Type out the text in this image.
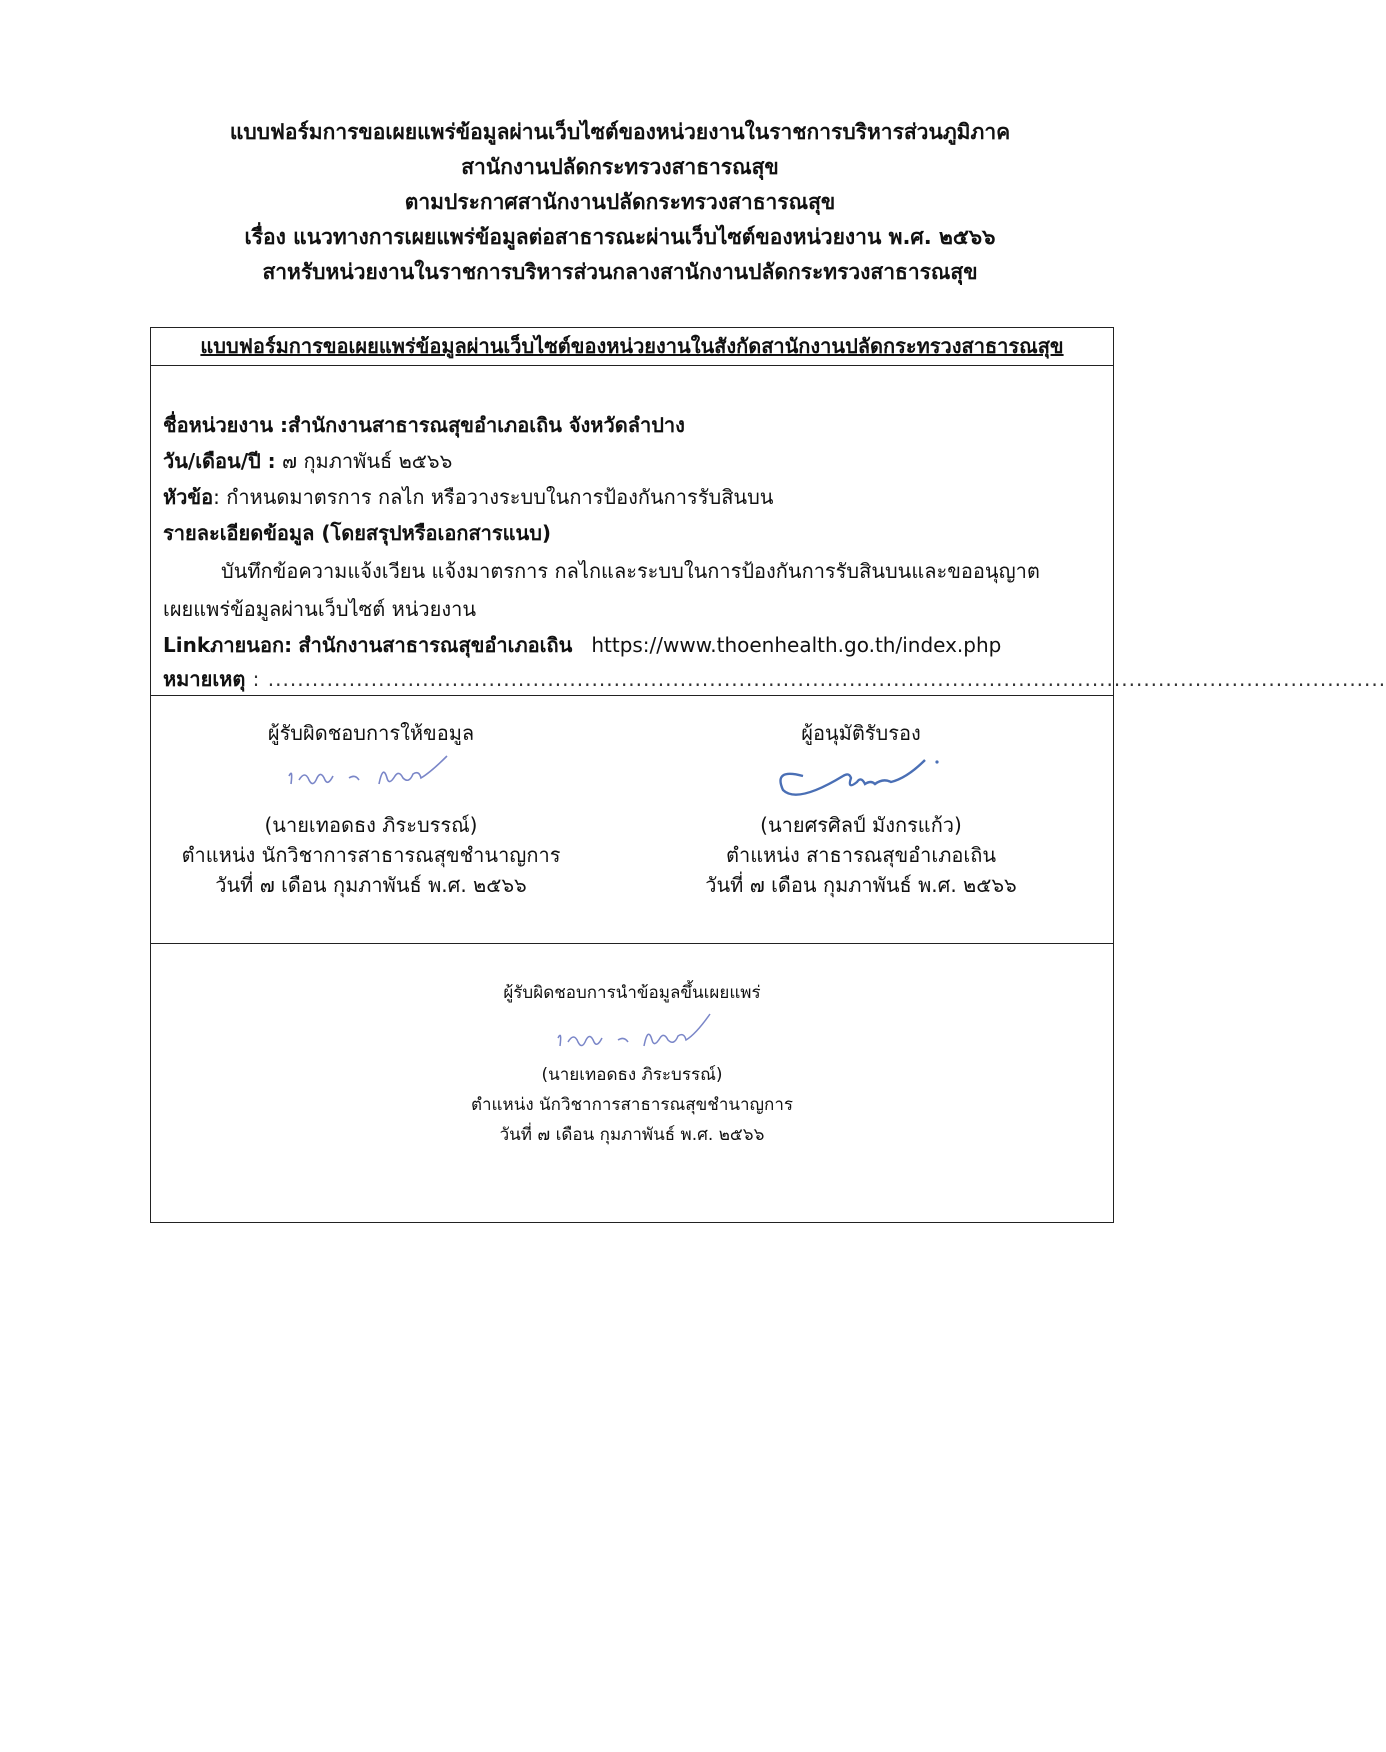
แบบฟอร์มการขอเผยแพร่ข้อมูลผ่านเว็บไซต์ของหน่วยงานในราชการบริหารส่วนภูมิภาค
สานักงานปลัดกระทรวงสาธารณสุข
ตามประกาศสานักงานปลัดกระทรวงสาธารณสุข
เรื่อง แนวทางการเผยแพร่ข้อมูลต่อสาธารณะผ่านเว็บไซต์ของหน่วยงาน พ.ศ. ๒๕๖๖
สาหรับหน่วยงานในราชการบริหารส่วนกลางสานักงานปลัดกระทรวงสาธารณสุข
แบบฟอร์มการขอเผยแพร่ข้อมูลผ่านเว็บไซต์ของหน่วยงานในสังกัดสานักงานปลัดกระทรวงสาธารณสุข
ชื่อหน่วยงาน :สำนักงานสาธารณสุขอำเภอเถิน จังหวัดลำปาง
วัน/เดือน/ปี : ๗ กุมภาพันธ์ ๒๕๖๖
หัวข้อ: กำหนดมาตรการ กลไก หรือวางระบบในการป้องกันการรับสินบน
รายละเอียดข้อมูล (โดยสรุปหรือเอกสารแนบ)
บันทึกข้อความแจ้งเวียน แจ้งมาตรการ กลไกและระบบในการป้องกันการรับสินบนและขออนุญาต
เผยแพร่ข้อมูลผ่านเว็บไซต์ หน่วยงาน
Linkภายนอก: สำนักงานสาธารณสุขอำเภอเถิน https://www.thoenhealth.go.th/index.php
หมายเหตุ : ........................................................................................................................................................
ผู้รับผิดชอบการให้ขอมูล
(นายเทอดธง ภิระบรรณ์)
ตำแหน่ง นักวิชาการสาธารณสุขชำนาญการ
วันที่ ๗ เดือน กุมภาพันธ์ พ.ศ. ๒๕๖๖
ผู้อนุมัติรับรอง
(นายศรศิลป์ มังกรแก้ว)
ตำแหน่ง สาธารณสุขอำเภอเถิน
วันที่ ๗ เดือน กุมภาพันธ์ พ.ศ. ๒๕๖๖
ผู้รับผิดชอบการนำข้อมูลขึ้นเผยแพร่
(นายเทอดธง ภิระบรรณ์)
ตำแหน่ง นักวิชาการสาธารณสุขชำนาญการ
วันที่ ๗ เดือน กุมภาพันธ์ พ.ศ. ๒๕๖๖
